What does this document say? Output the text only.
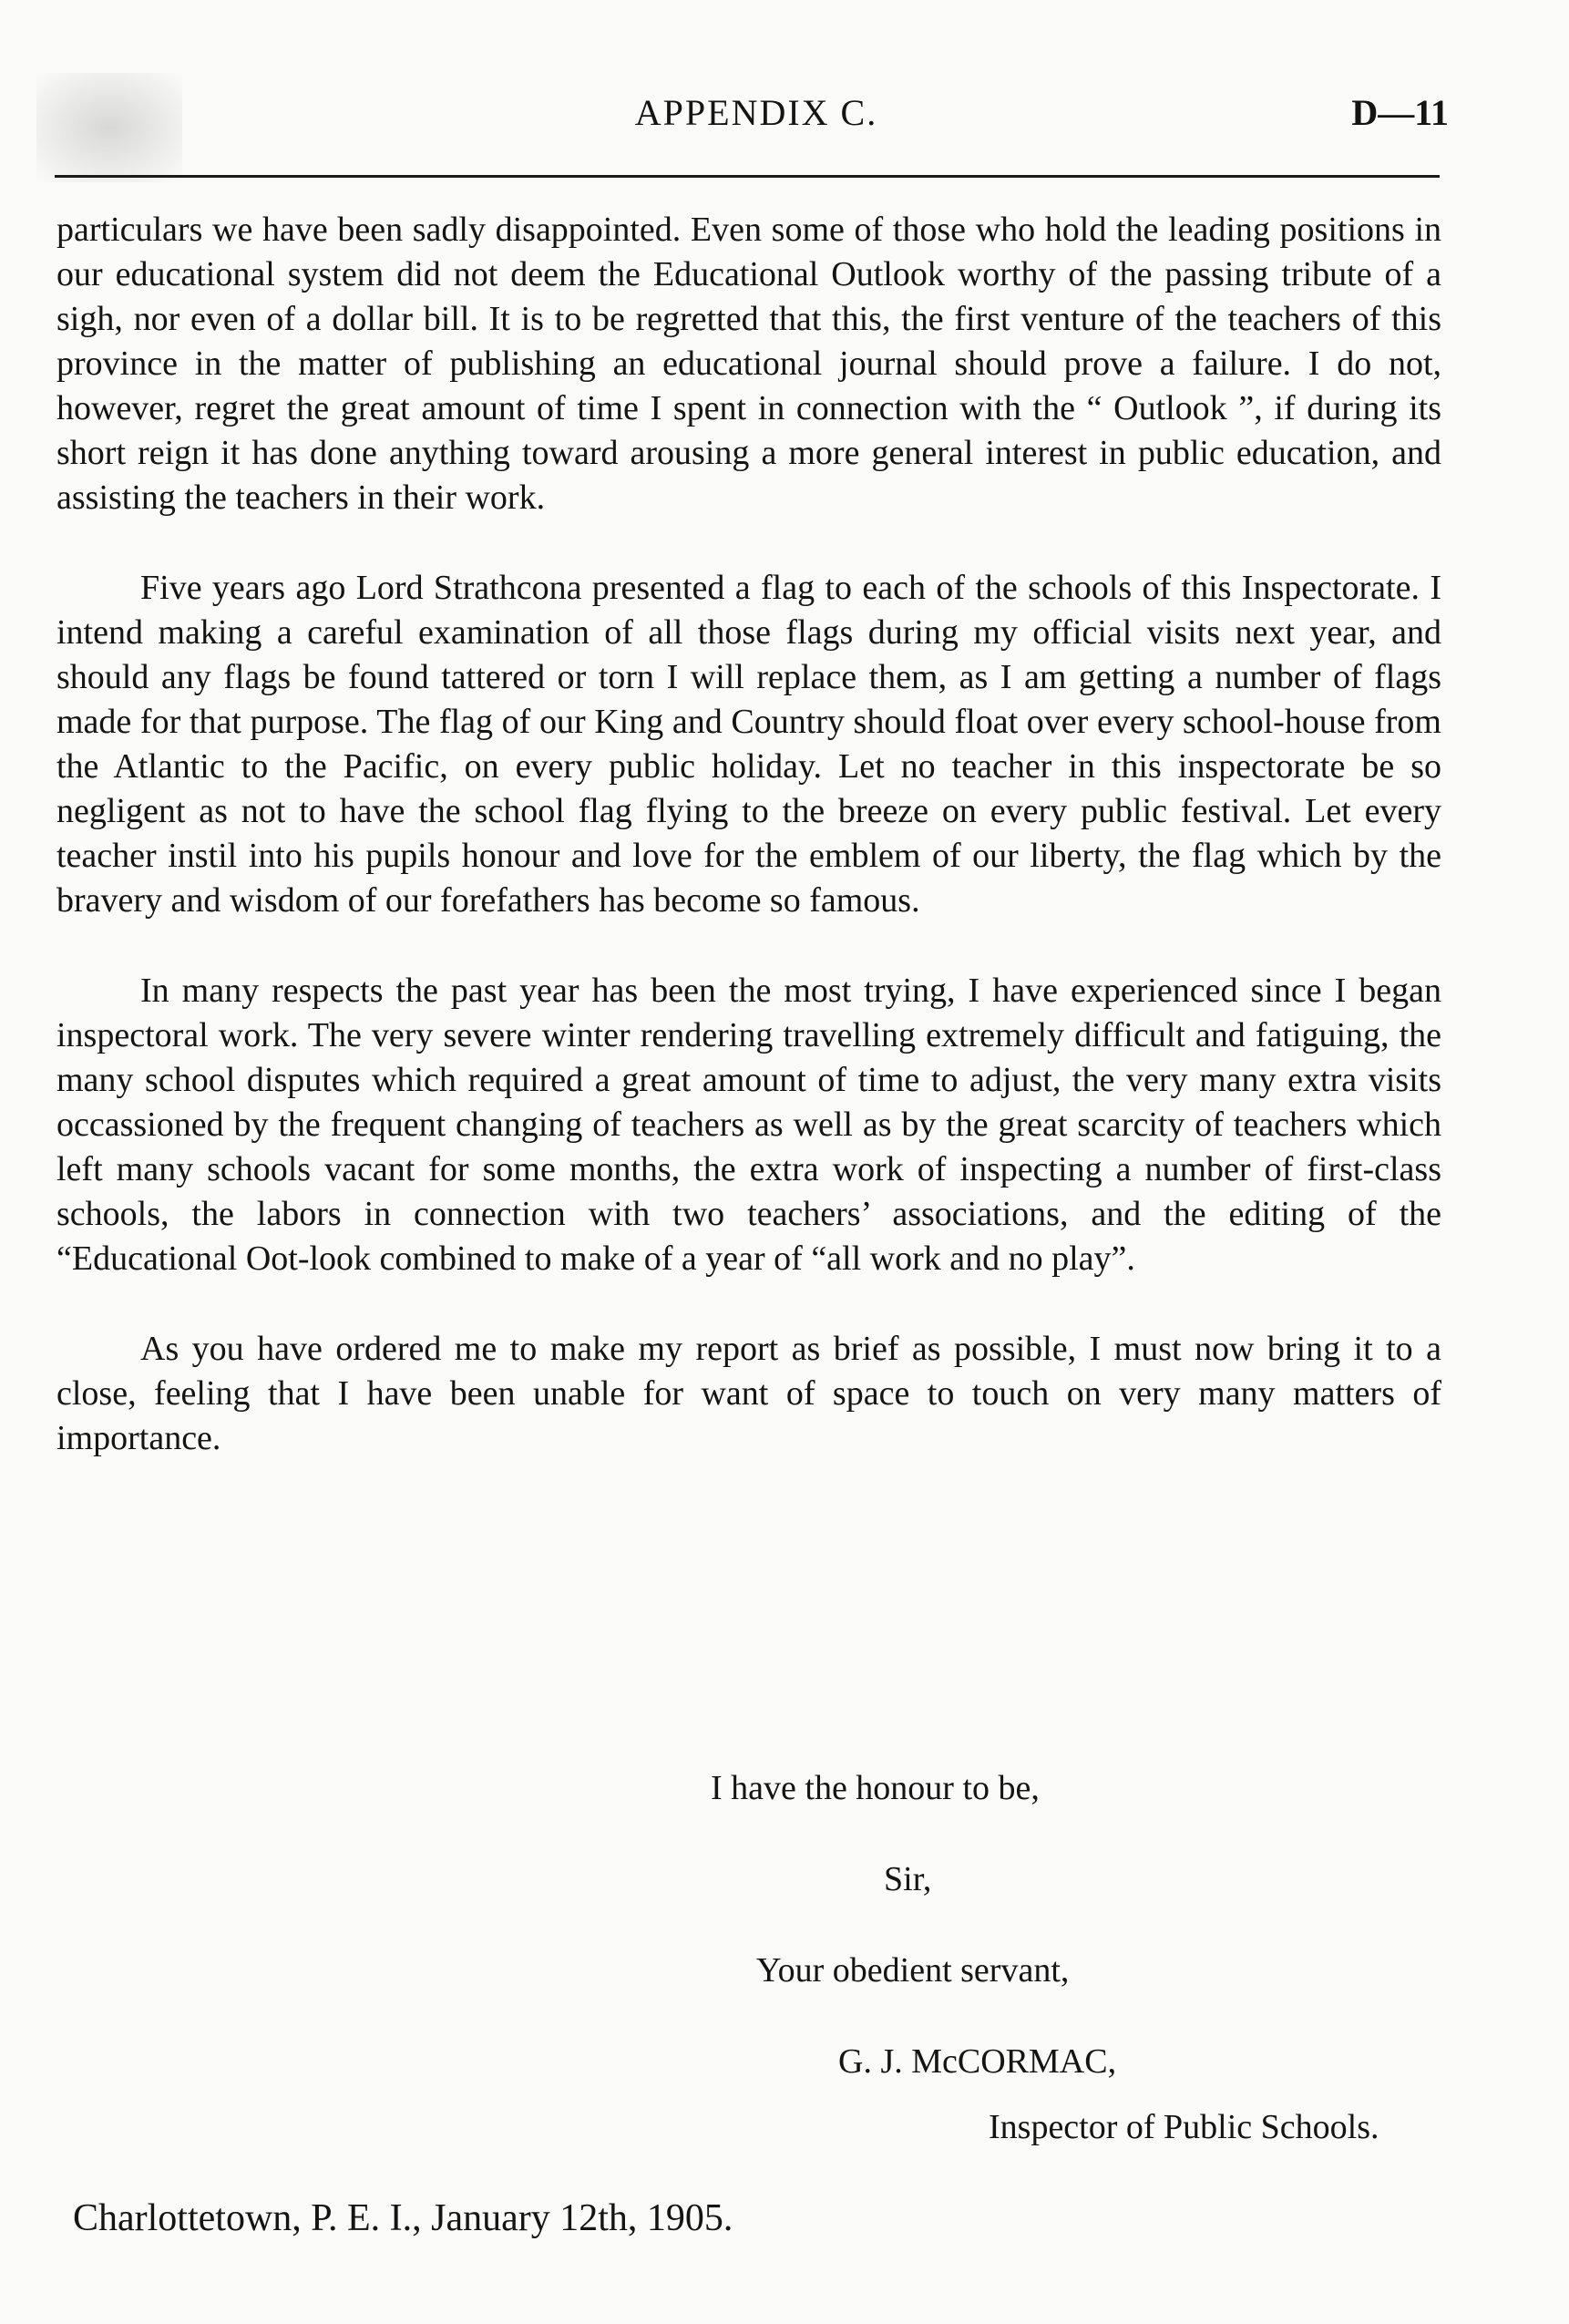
APPENDIX C.	D—11

particulars we have been sadly disappointed. Even some of those who hold the leading positions in our educational system did not deem the Educational Outlook worthy of the passing tribute of a sigh, nor even of a dollar bill. It is to be regretted that this, the first venture of the teachers of this province in the matter of publishing an educational journal should prove a failure. I do not, however, regret the great amount of time I spent in connection with the “ Outlook ”, if during its short reign it has done anything toward arousing a more general interest in public education, and assisting the teachers in their work.

Five years ago Lord Strathcona presented a flag to each of the schools of this Inspectorate. I intend making a careful examination of all those flags during my official visits next year, and should any flags be found tattered or torn I will replace them, as I am getting a number of flags made for that purpose. The flag of our King and Country should float over every school-house from the Atlantic to the Pacific, on every public holiday. Let no teacher in this inspectorate be so negligent as not to have the school flag flying to the breeze on every public festival. Let every teacher instil into his pupils honour and love for the emblem of our liberty, the flag which by the bravery and wisdom of our forefathers has become so famous.

In many respects the past year has been the most trying, I have experienced since I began inspectoral work. The very severe winter rendering travelling extremely difficult and fatiguing, the many school disputes which required a great amount of time to adjust, the very many extra visits occassioned by the frequent changing of teachers as well as by the great scarcity of teachers which left many schools vacant for some months, the extra work of inspecting a number of first-class schools, the labors in connection with two teachers’ associations, and the editing of the “Educational Oot-look combined to make of a year of “all work and no play”.

As you have ordered me to make my report as brief as possible, I must now bring it to a close, feeling that I have been unable for want of space to touch on very many matters of importance.

I have the honour to be,
Sir,
Your obedient servant,
G. J. McCORMAC,
Inspector of Public Schools.
Charlottetown, P. E. I., January 12th, 1905.
